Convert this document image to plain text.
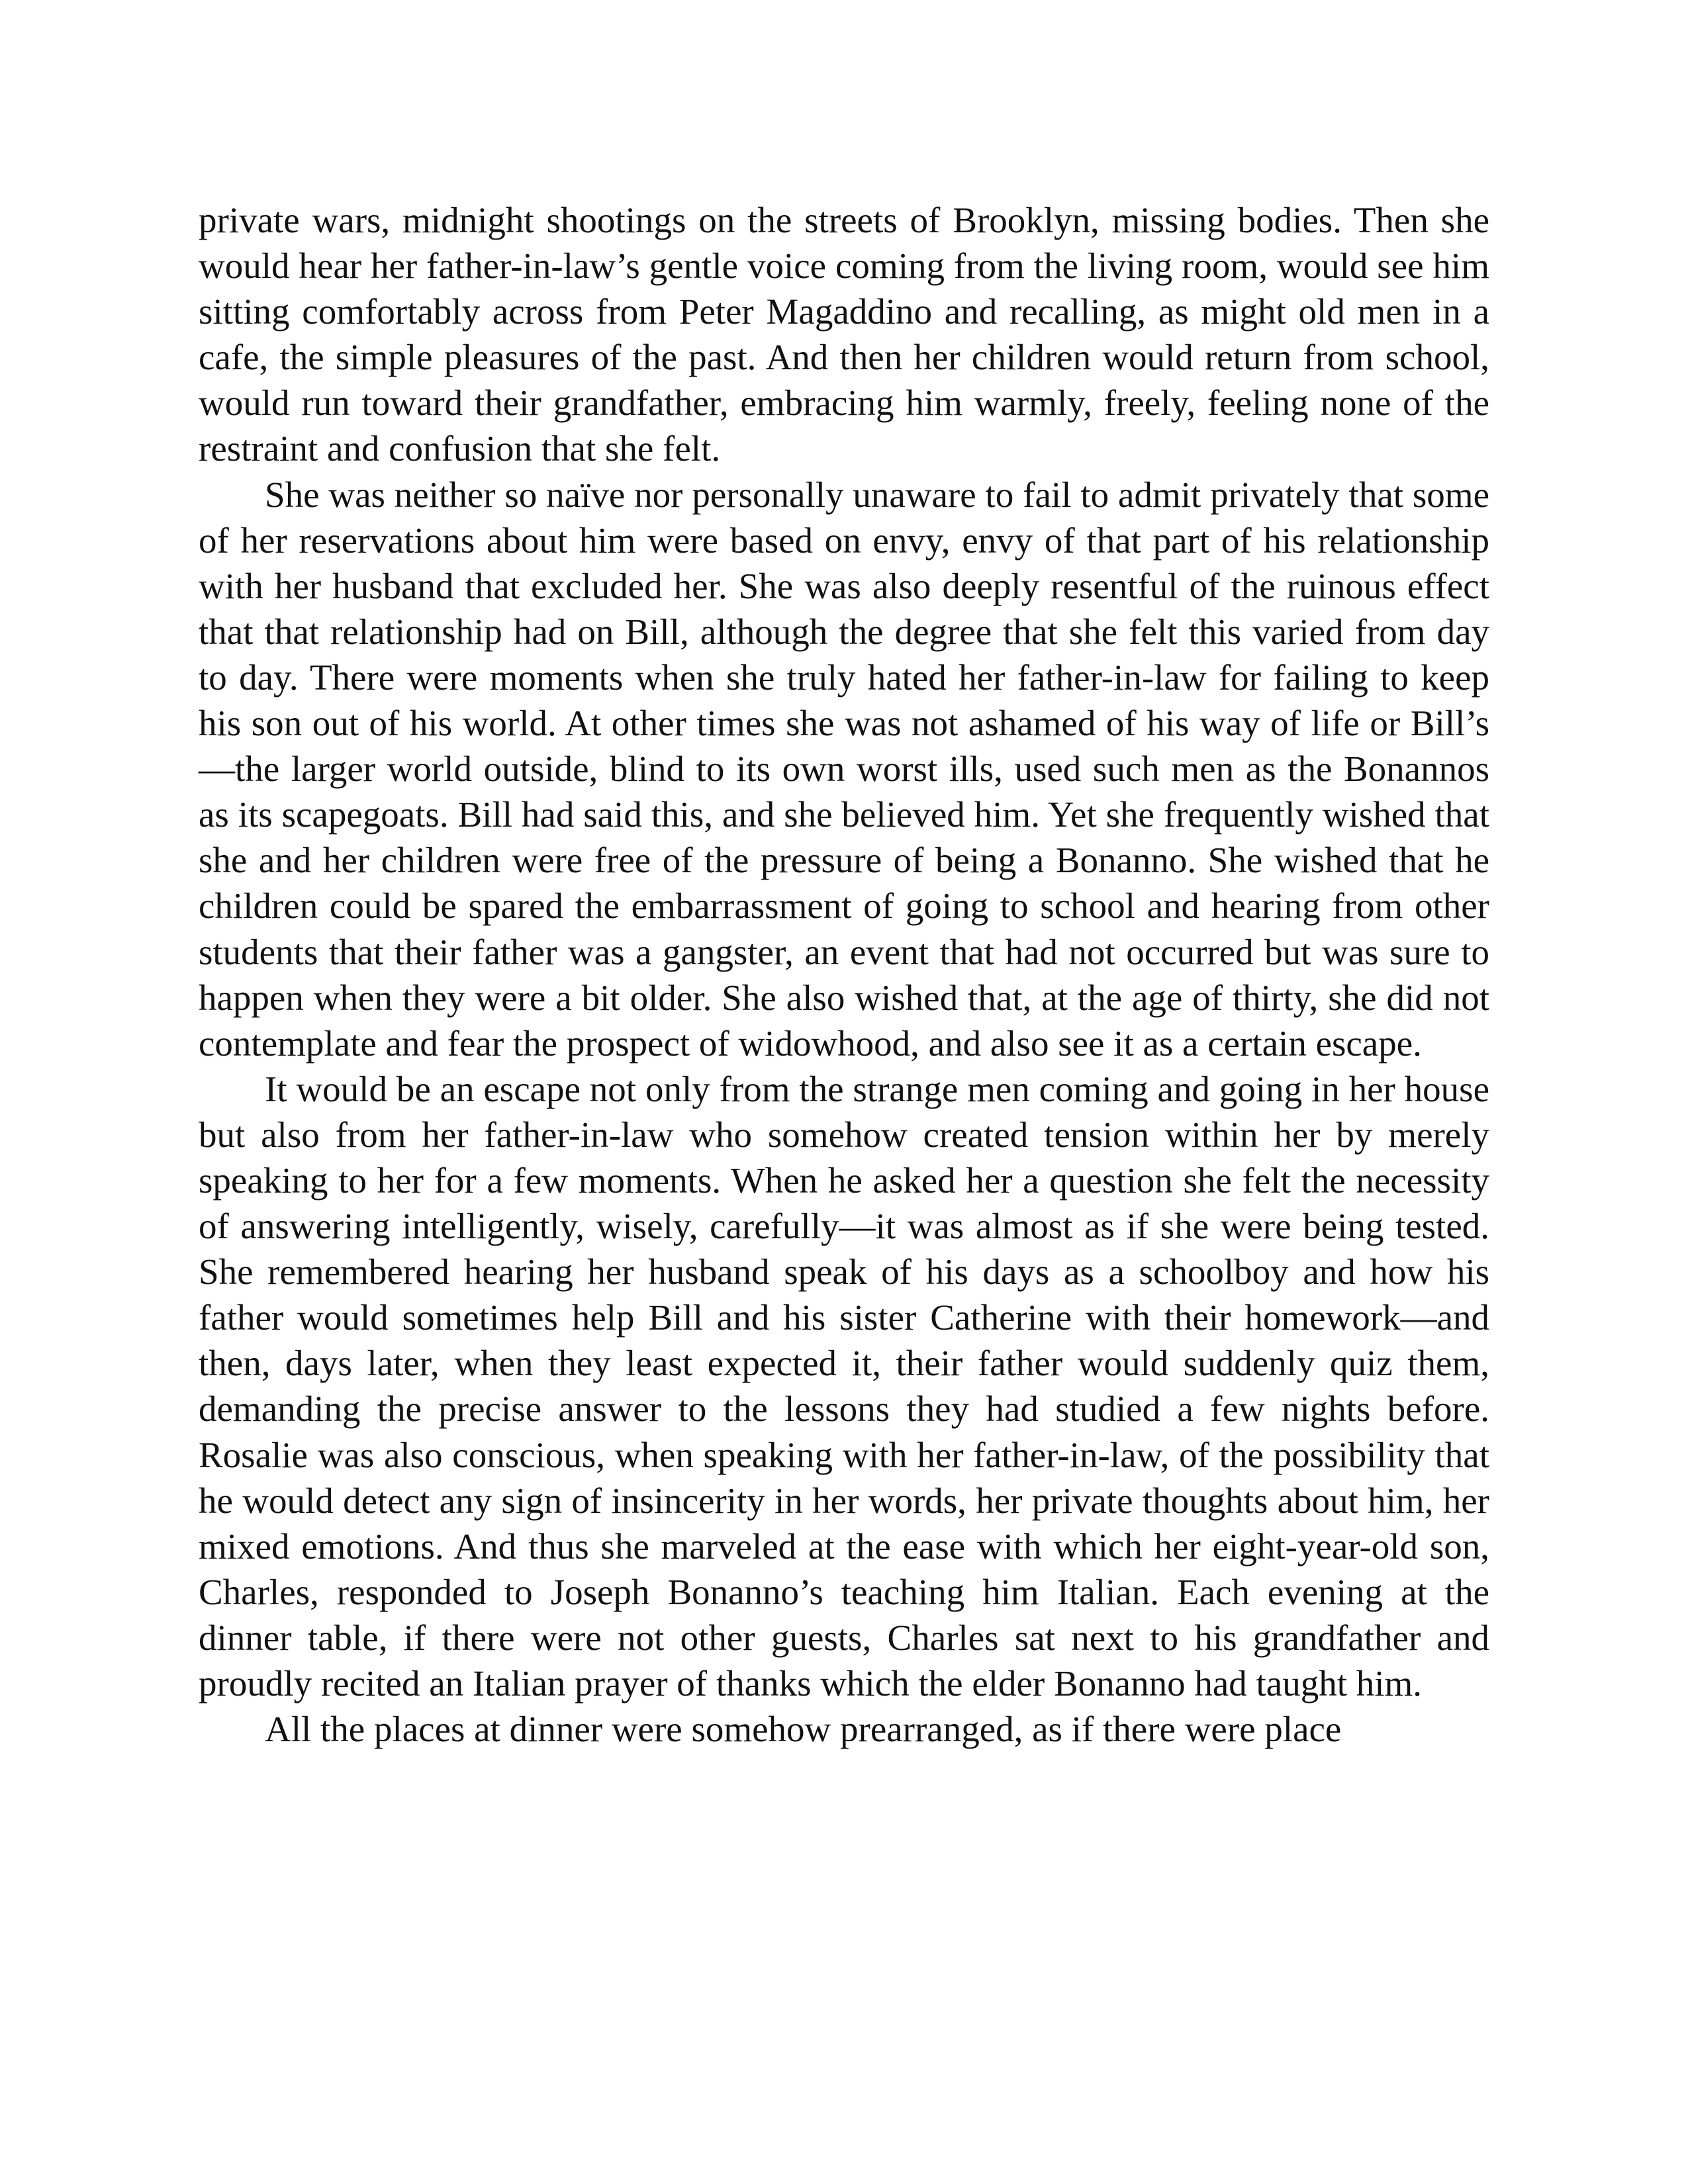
private wars, midnight shootings on the streets of Brooklyn, missing bodies. Then she would hear her father-in-law’s gentle voice coming from the living room, would see him sitting comfortably across from Peter Magaddino and recalling, as might old men in a cafe, the simple pleasures of the past. And then her children would return from school, would run toward their grandfather, embracing him warmly, freely, feeling none of the restraint and confusion that she felt.

She was neither so naïve nor personally unaware to fail to admit privately that some of her reservations about him were based on envy, envy of that part of his relationship with her husband that excluded her. She was also deeply resentful of the ruinous effect that that relationship had on Bill, although the degree that she felt this varied from day to day. There were moments when she truly hated her father-in-law for failing to keep his son out of his world. At other times she was not ashamed of his way of life or Bill’s—the larger world outside, blind to its own worst ills, used such men as the Bonannos as its scapegoats. Bill had said this, and she believed him. Yet she frequently wished that she and her children were free of the pressure of being a Bonanno. She wished that he children could be spared the embarrassment of going to school and hearing from other students that their father was a gangster, an event that had not occurred but was sure to happen when they were a bit older. She also wished that, at the age of thirty, she did not contemplate and fear the prospect of widowhood, and also see it as a certain escape.

It would be an escape not only from the strange men coming and going in her house but also from her father-in-law who somehow created tension within her by merely speaking to her for a few moments. When he asked her a question she felt the necessity of answering intelligently, wisely, carefully—it was almost as if she were being tested. She remembered hearing her husband speak of his days as a schoolboy and how his father would sometimes help Bill and his sister Catherine with their homework—and then, days later, when they least expected it, their father would suddenly quiz them, demanding the precise answer to the lessons they had studied a few nights before. Rosalie was also conscious, when speaking with her father-in-law, of the possibility that he would detect any sign of insincerity in her words, her private thoughts about him, her mixed emotions. And thus she marveled at the ease with which her eight-year-old son, Charles, responded to Joseph Bonanno’s teaching him Italian. Each evening at the dinner table, if there were not other guests, Charles sat next to his grandfather and proudly recited an Italian prayer of thanks which the elder Bonanno had taught him.

All the places at dinner were somehow prearranged, as if there were place
